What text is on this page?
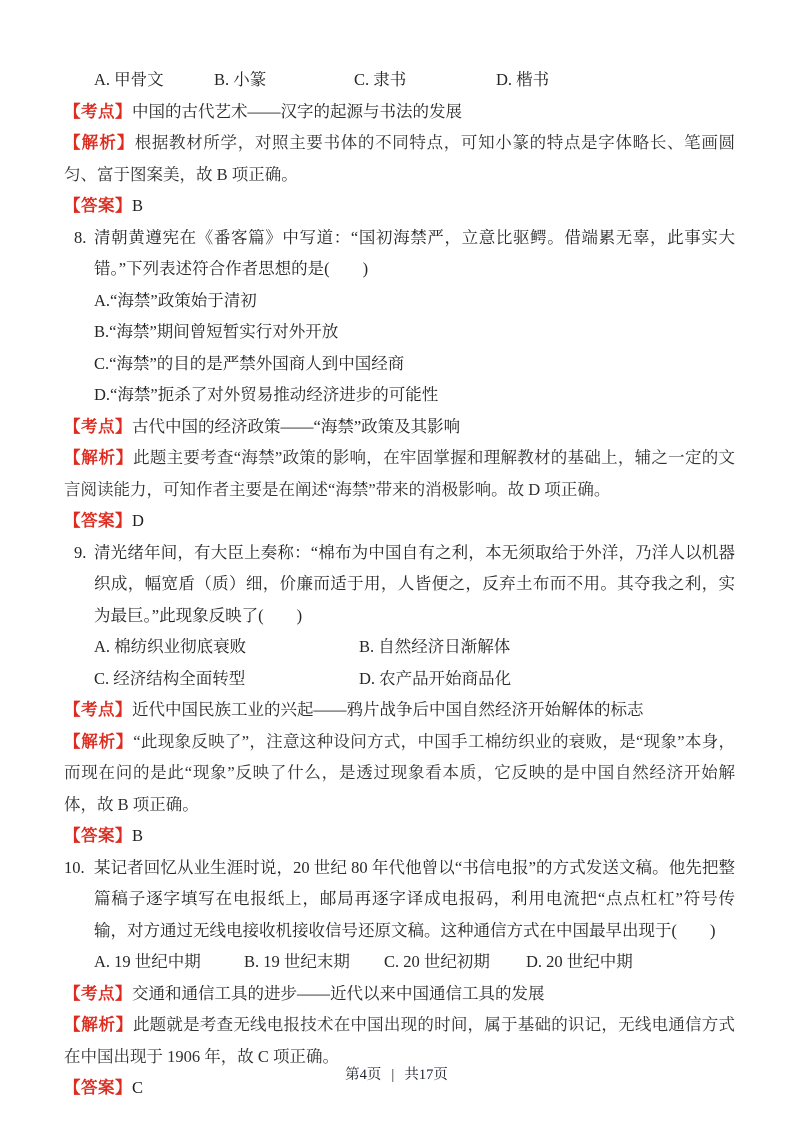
A. 甲骨文	B. 小篆	C. 隶书	D. 楷书

【考点】中国的古代艺术——汉字的起源与书法的发展

【解析】根据教材所学，对照主要书体的不同特点，可知小篆的特点是字体略长、笔画圆匀、富于图案美，故 B 项正确。

【答案】B

8. 清朝黄遵宪在《番客篇》中写道：“国初海禁严，立意比驱鳄。借端累无辜，此事实大错。”下列表述符合作者思想的是(　　)

A.“海禁”政策始于清初

B.“海禁”期间曾短暂实行对外开放

C.“海禁”的目的是严禁外国商人到中国经商

D.“海禁”扼杀了对外贸易推动经济进步的可能性

【考点】古代中国的经济政策——“海禁”政策及其影响

【解析】此题主要考查“海禁”政策的影响，在牢固掌握和理解教材的基础上，辅之一定的文言阅读能力，可知作者主要是在阐述“海禁”带来的消极影响。故 D 项正确。

【答案】D

9. 清光绪年间，有大臣上奏称：“棉布为中国自有之利，本无须取给于外洋，乃洋人以机器织成，幅宽盾（质）细，价廉而适于用，人皆便之，反弃土布而不用。其夺我之利，实为最巨。”此现象反映了(　　)

A. 棉纺织业彻底衰败	B. 自然经济日渐解体

C. 经济结构全面转型	D. 农产品开始商品化

【考点】近代中国民族工业的兴起——鸦片战争后中国自然经济开始解体的标志

【解析】“此现象反映了”，注意这种设问方式，中国手工棉纺织业的衰败，是“现象”本身，而现在问的是此“现象”反映了什么，是透过现象看本质，它反映的是中国自然经济开始解体，故 B 项正确。

【答案】B

10. 某记者回忆从业生涯时说，20 世纪 80 年代他曾以“书信电报”的方式发送文稿。他先把整篇稿子逐字填写在电报纸上，邮局再逐字译成电报码，利用电流把“点点杠杠”符号传输，对方通过无线电接收机接收信号还原文稿。这种通信方式在中国最早出现于(　　)

A. 19 世纪中期	B. 19 世纪末期	C. 20 世纪初期	D. 20 世纪中期

【考点】交通和通信工具的进步——近代以来中国通信工具的发展

【解析】此题就是考查无线电报技术在中国出现的时间，属于基础的识记，无线电通信方式在中国出现于 1906 年，故 C 项正确。

【答案】C

第4页 | 共17页
